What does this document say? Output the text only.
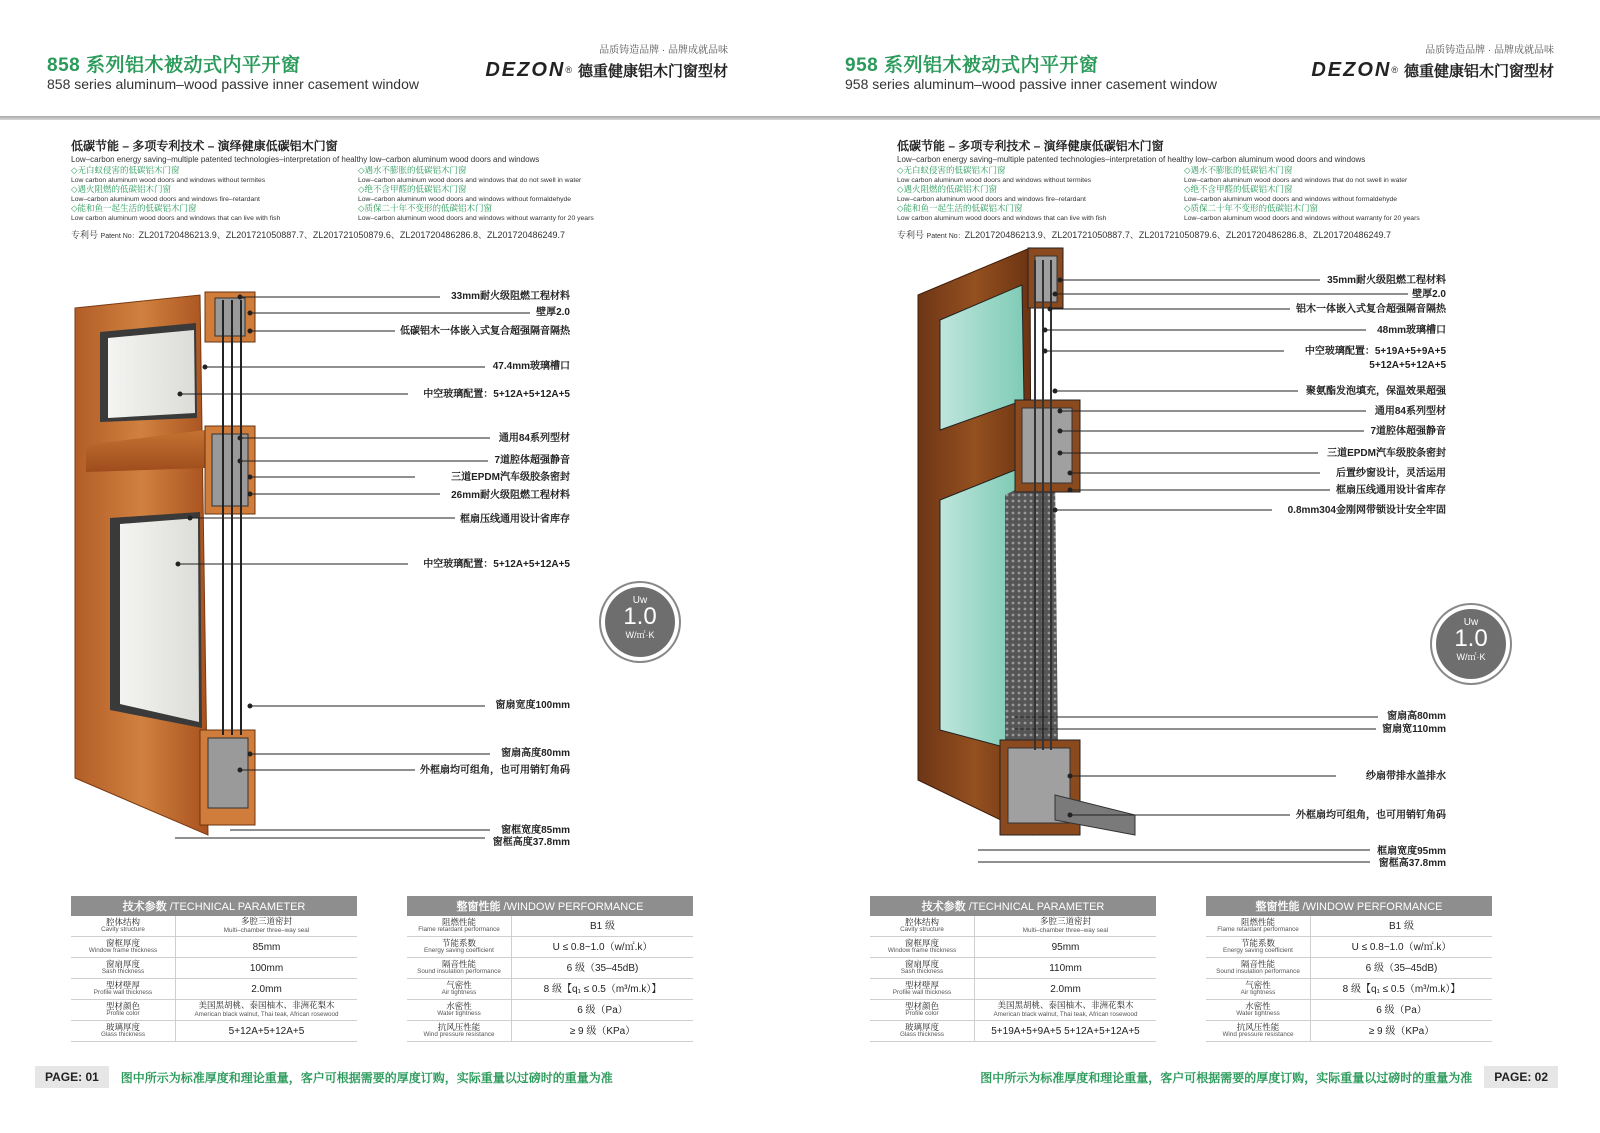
858 系列铝木被动式内平开窗
858 series aluminum–wood passive inner casement window
品质铸造品牌 · 品牌成就品味
DEZON ® 德重健康铝木门窗型材
低碳节能 – 多项专利技术 – 演绎健康低碳铝木门窗
Low–carbon energy saving–multiple patented technologies–interpretation of healthy low–carbon aluminum wood doors and windows
◇无白蚁侵害的低碳铝木门窗
Low carbon aluminum wood doors and windows without termites
◇遇水不膨胀的低碳铝木门窗
Low–carbon aluminum wood doors and windows that do not swell in water
◇遇火阻燃的低碳铝木门窗
Low–carbon aluminum wood doors and windows fire–retardant
◇绝不含甲醛的低碳铝木门窗
Low–carbon aluminum wood doors and windows without formaldehyde
◇能和鱼一起生活的低碳铝木门窗
Low carbon aluminum wood doors and windows that can live with fish
◇质保二十年不变形的低碳铝木门窗
Low–carbon aluminum wood doors and windows without warranty for 20 years
专利号 Patent No：ZL201720486213.9、ZL201721050887.7、ZL201721050879.6、ZL201720486286.8、ZL201720486249.7
33mm耐火级阻燃工程材料
壁厚2.0
低碳铝木一体嵌入式复合超强隔音隔热
47.4mm玻璃槽口
中空玻璃配置：5+12A+5+12A+5
通用84系列型材
7道腔体超强静音
三道EPDM汽车级胶条密封
26mm耐火级阻燃工程材料
框扇压线通用设计省库存
中空玻璃配置：5+12A+5+12A+5
窗扇宽度100mm
窗扇高度80mm
外框扇均可组角，也可用销钉角码
窗框宽度85mm
窗框高度37.8mm
Uw
1.0
W/㎡·K
技术参数 /TECHNICAL PARAMETER	

腔体结构
Cavity structure	多腔三道密封
Multi–chamber three–way seal

窗框厚度
Window frame thickness	85mm

窗扇厚度
Sash thickness	100mm

型材壁厚
Profile wall thickness	2.0mm

型材颜色
Profile color	美国黑胡桃、泰国柚木、非洲花梨木
American black walnut, Thai teak, African rosewood

玻璃厚度
Glass thickness	5+12A+5+12A+5
整窗性能 /WINDOW PERFORMANCE	

阻燃性能
Flame retardant performance	B1 级

节能系数
Energy saving coefficient	U ≤ 0.8~1.0（w/㎡.k）

隔音性能
Sound insulation performance	6 级（35–45dB)

气密性
Air tightness	8 级【q₁ ≤ 0.5（m³/m.k）】

水密性
Water tightness	6 级（Pa）

抗风压性能
Wind pressure resistance	≥ 9 级（KPa）
PAGE: 01	图中所示为标准厚度和理论重量，客户可根据需要的厚度订购，实际重量以过磅时的重量为准
958 系列铝木被动式内平开窗
958 series aluminum–wood passive inner casement window
品质铸造品牌 · 品牌成就品味
DEZON ® 德重健康铝木门窗型材
低碳节能 – 多项专利技术 – 演绎健康低碳铝木门窗
Low–carbon energy saving–multiple patented technologies–interpretation of healthy low–carbon aluminum wood doors and windows
◇无白蚁侵害的低碳铝木门窗
Low carbon aluminum wood doors and windows without termites
◇遇水不膨胀的低碳铝木门窗
Low–carbon aluminum wood doors and windows that do not swell in water
◇遇火阻燃的低碳铝木门窗
Low–carbon aluminum wood doors and windows fire–retardant
◇绝不含甲醛的低碳铝木门窗
Low–carbon aluminum wood doors and windows without formaldehyde
◇能和鱼一起生活的低碳铝木门窗
Low carbon aluminum wood doors and windows that can live with fish
◇质保二十年不变形的低碳铝木门窗
Low–carbon aluminum wood doors and windows without warranty for 20 years
专利号 Patent No：ZL201720486213.9、ZL201721050887.7、ZL201721050879.6、ZL201720486286.8、ZL201720486249.7
35mm耐火级阻燃工程材料
壁厚2.0
铝木一体嵌入式复合超强隔音隔热
48mm玻璃槽口
中空玻璃配置：5+19A+5+9A+5
5+12A+5+12A+5
聚氨酯发泡填充，保温效果超强
通用84系列型材
7道腔体超强静音
三道EPDM汽车级胶条密封
后置纱窗设计，灵活运用
框扇压线通用设计省库存
0.8mm304金刚网带锁设计安全牢固
窗扇高80mm
窗扇宽110mm
纱扇带排水盖排水
外框扇均可组角，也可用销钉角码
框扇宽度95mm
窗框高37.8mm
Uw
1.0
W/㎡·K
技术参数 /TECHNICAL PARAMETER	

腔体结构
Cavity structure	多腔三道密封
Multi–chamber three–way seal

窗框厚度
Window frame thickness	95mm

窗扇厚度
Sash thickness	110mm

型材壁厚
Profile wall thickness	2.0mm

型材颜色
Profile color	美国黑胡桃、泰国柚木、非洲花梨木
American black walnut, Thai teak, African rosewood

玻璃厚度
Glass thickness	5+19A+5+9A+5 5+12A+5+12A+5
整窗性能 /WINDOW PERFORMANCE	

阻燃性能
Flame retardant performance	B1 级

节能系数
Energy saving coefficient	U ≤ 0.8~1.0（w/㎡.k）

隔音性能
Sound insulation performance	6 级（35–45dB)

气密性
Air tightness	8 级【q₁ ≤ 0.5（m³/m.k）】

水密性
Water tightness	6 级（Pa）

抗风压性能
Wind pressure resistance	≥ 9 级（KPa）
图中所示为标准厚度和理论重量，客户可根据需要的厚度订购，实际重量以过磅时的重量为准	PAGE: 02
